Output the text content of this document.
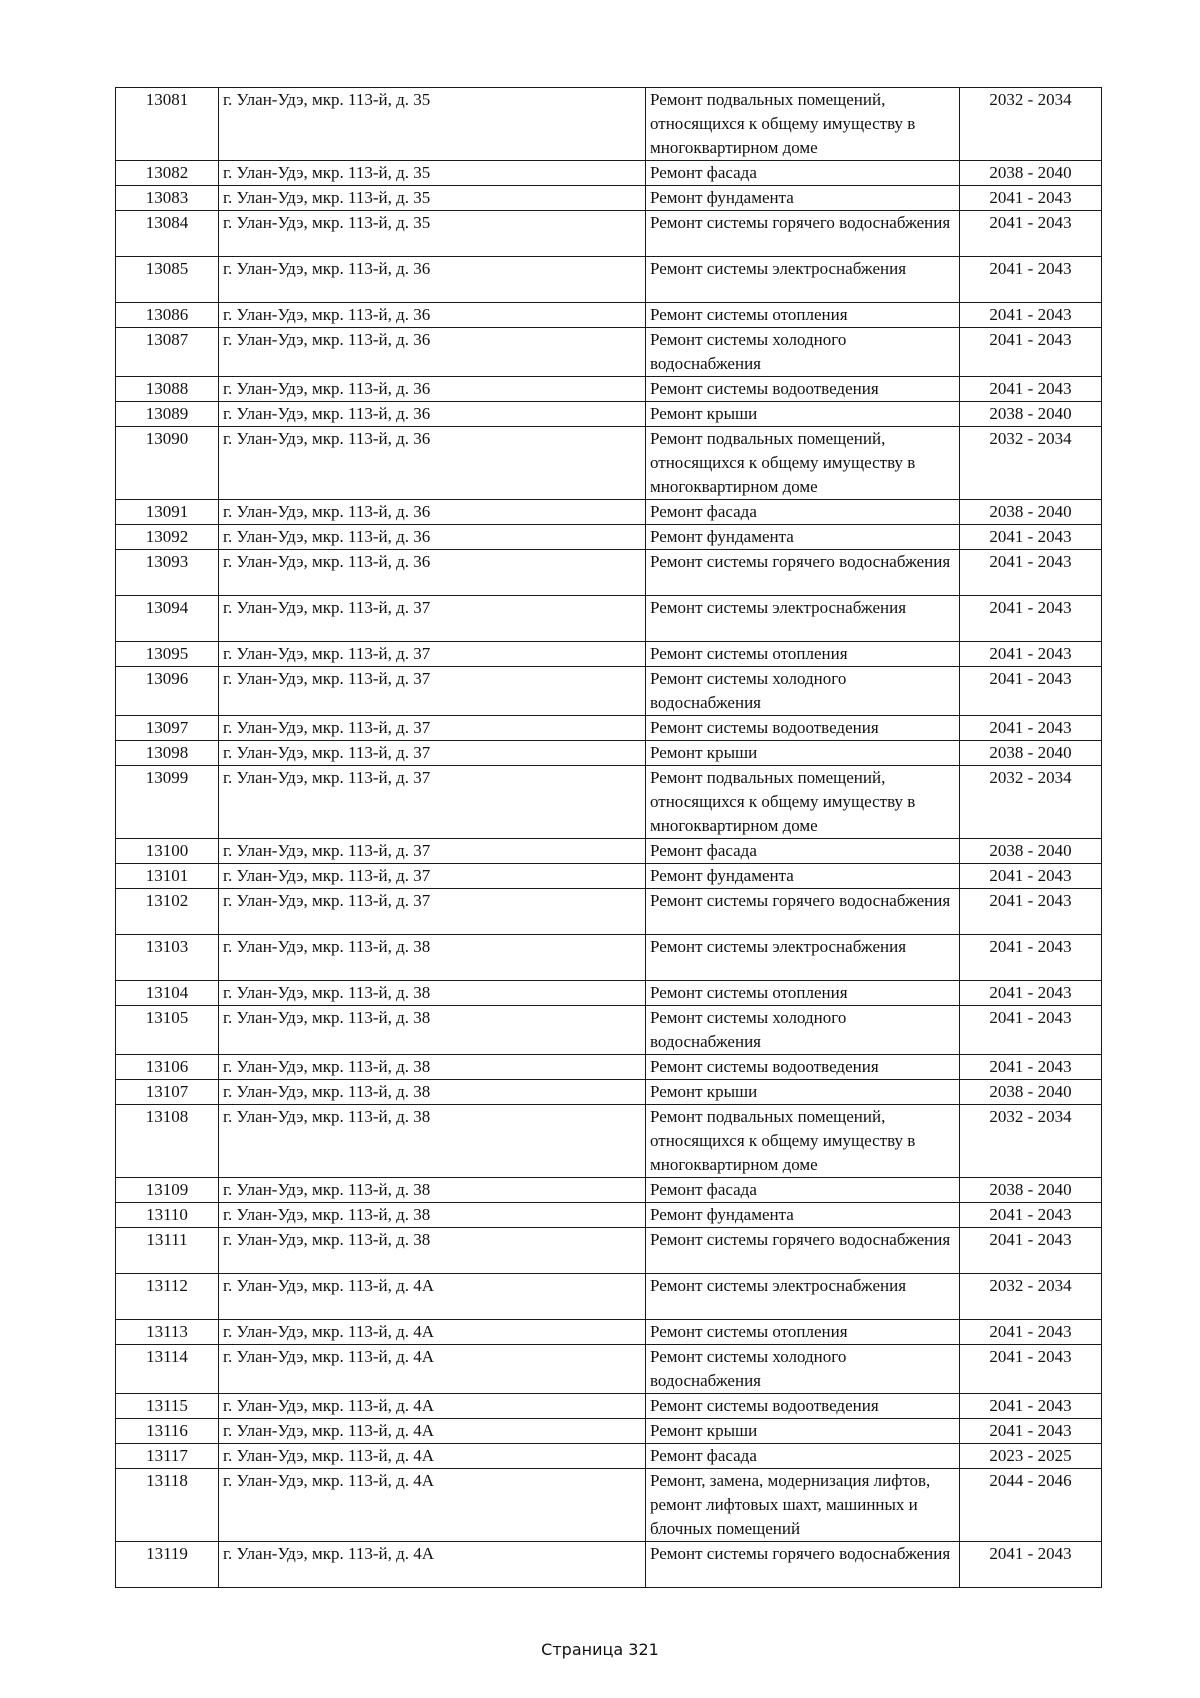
13081	г. Улан-Удэ, мкр. 113-й, д. 35	Ремонт подвальных помещений, относящихся к общему имуществу в многоквартирном доме	2032 - 2034
13082	г. Улан-Удэ, мкр. 113-й, д. 35	Ремонт фасада	2038 - 2040
13083	г. Улан-Удэ, мкр. 113-й, д. 35	Ремонт фундамента	2041 - 2043
13084	г. Улан-Удэ, мкр. 113-й, д. 35	Ремонт системы горячего водоснабжения	2041 - 2043
13085	г. Улан-Удэ, мкр. 113-й, д. 36	Ремонт системы электроснабжения	2041 - 2043
13086	г. Улан-Удэ, мкр. 113-й, д. 36	Ремонт системы отопления	2041 - 2043
13087	г. Улан-Удэ, мкр. 113-й, д. 36	Ремонт системы холодного водоснабжения	2041 - 2043
13088	г. Улан-Удэ, мкр. 113-й, д. 36	Ремонт системы водоотведения	2041 - 2043
13089	г. Улан-Удэ, мкр. 113-й, д. 36	Ремонт крыши	2038 - 2040
13090	г. Улан-Удэ, мкр. 113-й, д. 36	Ремонт подвальных помещений, относящихся к общему имуществу в многоквартирном доме	2032 - 2034
13091	г. Улан-Удэ, мкр. 113-й, д. 36	Ремонт фасада	2038 - 2040
13092	г. Улан-Удэ, мкр. 113-й, д. 36	Ремонт фундамента	2041 - 2043
13093	г. Улан-Удэ, мкр. 113-й, д. 36	Ремонт системы горячего водоснабжения	2041 - 2043
13094	г. Улан-Удэ, мкр. 113-й, д. 37	Ремонт системы электроснабжения	2041 - 2043
13095	г. Улан-Удэ, мкр. 113-й, д. 37	Ремонт системы отопления	2041 - 2043
13096	г. Улан-Удэ, мкр. 113-й, д. 37	Ремонт системы холодного водоснабжения	2041 - 2043
13097	г. Улан-Удэ, мкр. 113-й, д. 37	Ремонт системы водоотведения	2041 - 2043
13098	г. Улан-Удэ, мкр. 113-й, д. 37	Ремонт крыши	2038 - 2040
13099	г. Улан-Удэ, мкр. 113-й, д. 37	Ремонт подвальных помещений, относящихся к общему имуществу в многоквартирном доме	2032 - 2034
13100	г. Улан-Удэ, мкр. 113-й, д. 37	Ремонт фасада	2038 - 2040
13101	г. Улан-Удэ, мкр. 113-й, д. 37	Ремонт фундамента	2041 - 2043
13102	г. Улан-Удэ, мкр. 113-й, д. 37	Ремонт системы горячего водоснабжения	2041 - 2043
13103	г. Улан-Удэ, мкр. 113-й, д. 38	Ремонт системы электроснабжения	2041 - 2043
13104	г. Улан-Удэ, мкр. 113-й, д. 38	Ремонт системы отопления	2041 - 2043
13105	г. Улан-Удэ, мкр. 113-й, д. 38	Ремонт системы холодного водоснабжения	2041 - 2043
13106	г. Улан-Удэ, мкр. 113-й, д. 38	Ремонт системы водоотведения	2041 - 2043
13107	г. Улан-Удэ, мкр. 113-й, д. 38	Ремонт крыши	2038 - 2040
13108	г. Улан-Удэ, мкр. 113-й, д. 38	Ремонт подвальных помещений, относящихся к общему имуществу в многоквартирном доме	2032 - 2034
13109	г. Улан-Удэ, мкр. 113-й, д. 38	Ремонт фасада	2038 - 2040
13110	г. Улан-Удэ, мкр. 113-й, д. 38	Ремонт фундамента	2041 - 2043
13111	г. Улан-Удэ, мкр. 113-й, д. 38	Ремонт системы горячего водоснабжения	2041 - 2043
13112	г. Улан-Удэ, мкр. 113-й, д. 4А	Ремонт системы электроснабжения	2032 - 2034
13113	г. Улан-Удэ, мкр. 113-й, д. 4А	Ремонт системы отопления	2041 - 2043
13114	г. Улан-Удэ, мкр. 113-й, д. 4А	Ремонт системы холодного водоснабжения	2041 - 2043
13115	г. Улан-Удэ, мкр. 113-й, д. 4А	Ремонт системы водоотведения	2041 - 2043
13116	г. Улан-Удэ, мкр. 113-й, д. 4А	Ремонт крыши	2041 - 2043
13117	г. Улан-Удэ, мкр. 113-й, д. 4А	Ремонт фасада	2023 - 2025
13118	г. Улан-Удэ, мкр. 113-й, д. 4А	Ремонт, замена, модернизация лифтов, ремонт лифтовых шахт, машинных и блочных помещений	2044 - 2046
13119	г. Улан-Удэ, мкр. 113-й, д. 4А	Ремонт системы горячего водоснабжения	2041 - 2043
Страница 321
